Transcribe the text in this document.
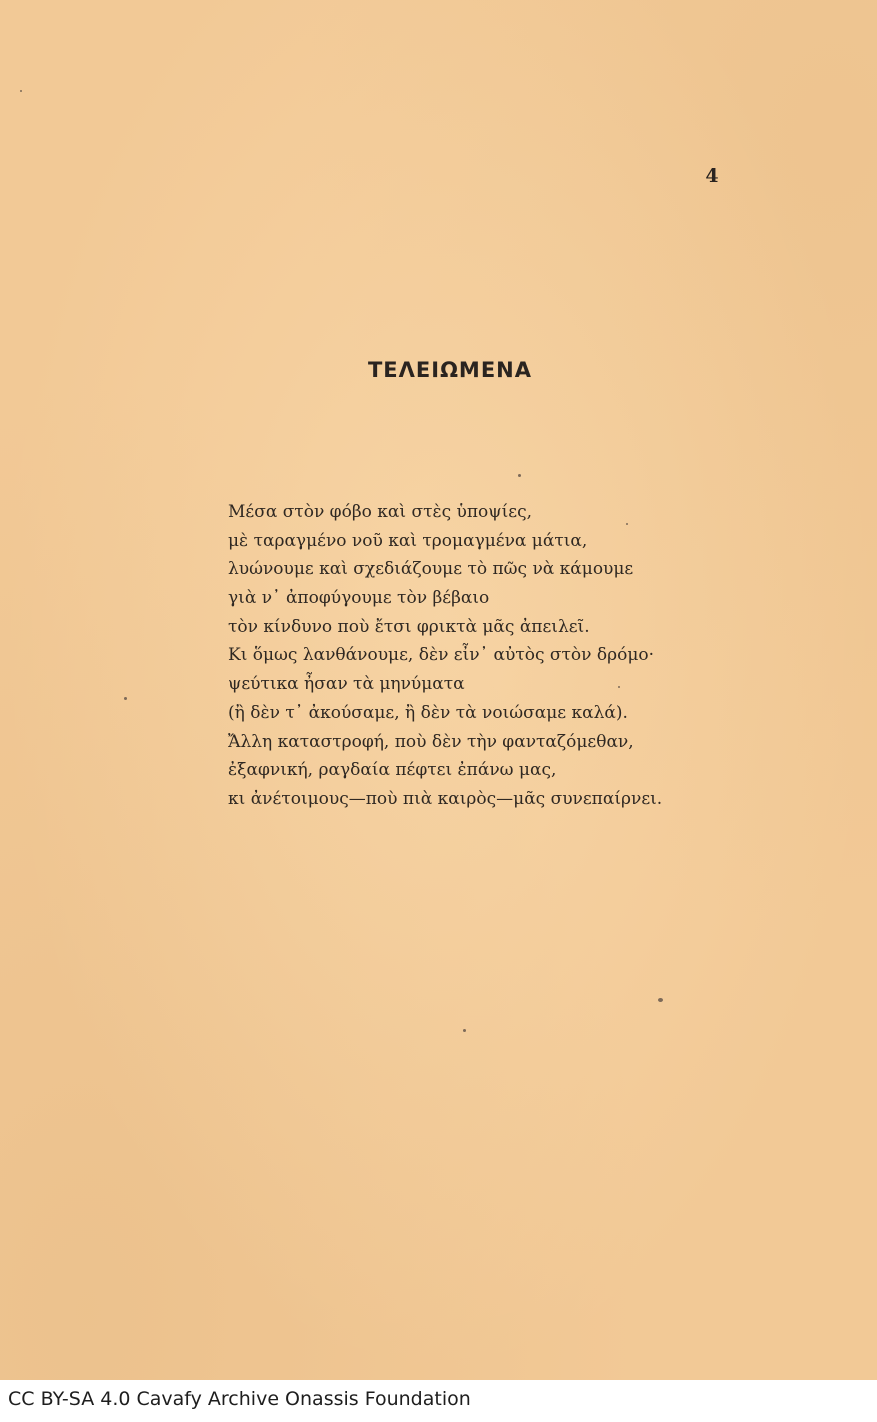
4
ΤΕΛΕΙΩΜΕΝΑ
Μέσα στὸν φόβο καὶ στὲς ὑποψίες,
μὲ ταραγμένο νοῦ καὶ τρομαγμένα μάτια,
λυώνουμε καὶ σχεδιάζουμε τὸ πῶς νὰ κάμουμε
γιὰ ν᾿ ἀποφύγουμε τὸν βέβαιο
τὸν κίνδυνο ποὺ ἔτσι φρικτὰ μᾶς ἀπειλεῖ.
Κι ὅμως λανθάνουμε, δὲν εἶν᾿ αὐτὸς στὸν δρόμο·
ψεύτικα ἦσαν τὰ μηνύματα
(ἢ δὲν τ᾿ ἀκούσαμε, ἢ δὲν τὰ νοιώσαμε καλά).
Ἄλλη καταστροφή, ποὺ δὲν τὴν φανταζόμεθαν,
ἐξαφνική, ραγδαία πέφτει ἐπάνω μας,
κι ἀνέτοιμους—ποὺ πιὰ καιρὸς—μᾶς συνεπαίρνει.
CC BY-SA 4.0 Cavafy Archive Onassis Foundation
